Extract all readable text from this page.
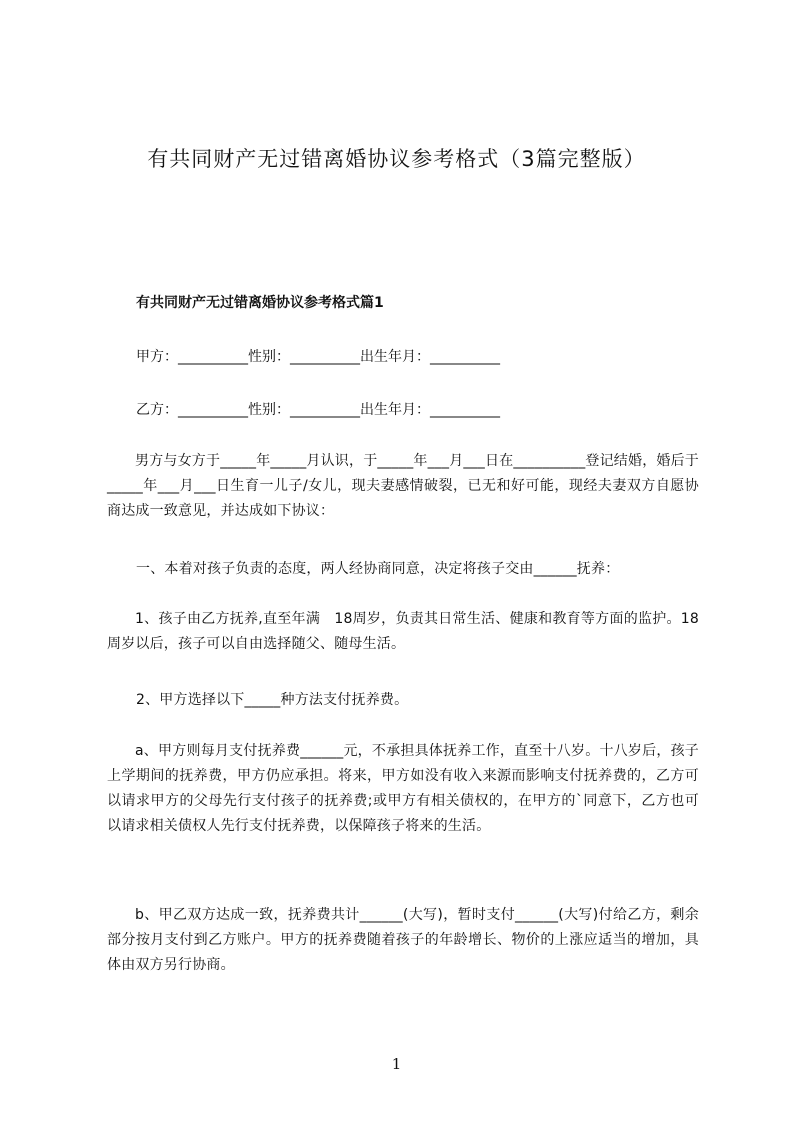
有共同财产无过错离婚协议参考格式（3篇完整版）
有共同财产无过错离婚协议参考格式篇1
甲方：__________性别：__________出生年月：__________
乙方：__________性别：__________出生年月：__________
男方与女方于_____年_____月认识，于_____年___月___日在__________登记结婚，婚后于_____年___月___日生育一儿子/女儿，现夫妻感情破裂，已无和好可能，现经夫妻双方自愿协商达成一致意见，并达成如下协议：
一、本着对孩子负责的态度，两人经协商同意，决定将孩子交由______抚养：
1、孩子由乙方抚养,直至年满　18周岁，负责其日常生活、健康和教育等方面的监护。18周岁以后，孩子可以自由选择随父、随母生活。
2、甲方选择以下_____种方法支付抚养费。
a、甲方则每月支付抚养费______元，不承担具体抚养工作，直至十八岁。十八岁后，孩子上学期间的抚养费，甲方仍应承担。将来，甲方如没有收入来源而影响支付抚养费的，乙方可以请求甲方的父母先行支付孩子的抚养费;或甲方有相关债权的，在甲方的`同意下，乙方也可以请求相关债权人先行支付抚养费，以保障孩子将来的生活。
b、甲乙双方达成一致，抚养费共计______(大写)，暂时支付______(大写)付给乙方，剩余部分按月支付到乙方账户。甲方的抚养费随着孩子的年龄增长、物价的上涨应适当的增加，具体由双方另行协商。
1
